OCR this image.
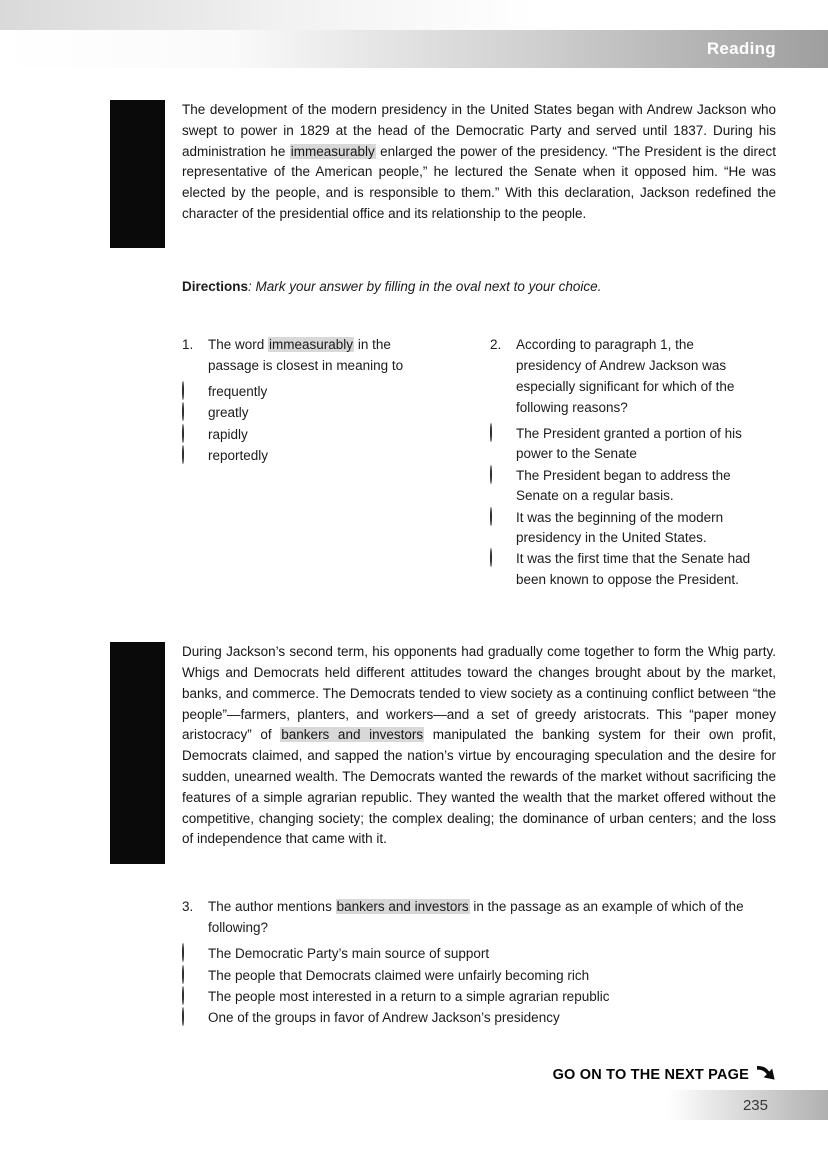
Reading

The development of the modern presidency in the United States began with Andrew Jackson who swept to power in 1829 at the head of the Democratic Party and served until 1837. During his administration he immeasurably enlarged the power of the presidency. “The President is the direct representative of the American people,” he lectured the Senate when it opposed him. “He was elected by the people, and is responsible to them.” With this declaration, Jackson redefined the character of the presidential office and its relationship to the people.

Directions: Mark your answer by filling in the oval next to your choice.

1.	The word immeasurably in the passage is closest in meaning to
frequently
greatly
rapidly
reportedly
2.	According to paragraph 1, the presidency of Andrew Jackson was especially significant for which of the following reasons?
The President granted a portion of his power to the Senate
The President began to address the Senate on a regular basis.
It was the beginning of the modern presidency in the United States.
It was the first time that the Senate had been known to oppose the President.

During Jackson’s second term, his opponents had gradually come together to form the Whig party. Whigs and Democrats held different attitudes toward the changes brought about by the market, banks, and commerce. The Democrats tended to view society as a continuing conflict between “the people”—farmers, planters, and workers—and a set of greedy aristocrats. This “paper money aristocracy” of bankers and investors manipulated the banking system for their own profit, Democrats claimed, and sapped the nation’s virtue by encouraging speculation and the desire for sudden, unearned wealth. The Democrats wanted the rewards of the market without sacrificing the features of a simple agrarian republic. They wanted the wealth that the market offered without the competitive, changing society; the complex dealing; the dominance of urban centers; and the loss of independence that came with it.

3.	The author mentions bankers and investors in the passage as an example of which of the following?
The Democratic Party’s main source of support
The people that Democrats claimed were unfairly becoming rich
The people most interested in a return to a simple agrarian republic
One of the groups in favor of Andrew Jackson’s presidency
GO ON TO THE NEXT PAGE
235
